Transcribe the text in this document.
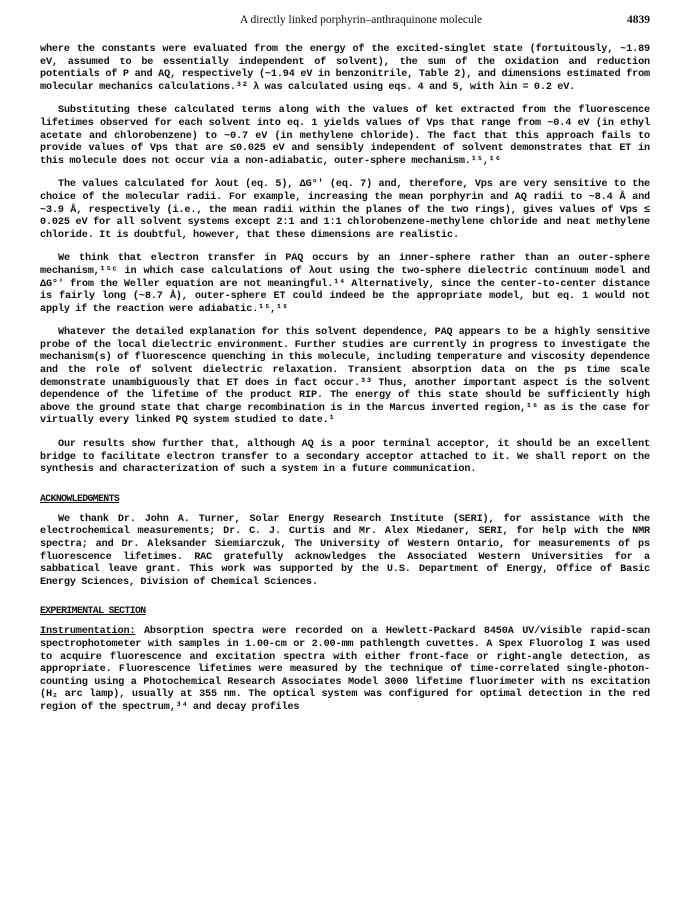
A directly linked porphyrin–anthraquinone molecule	4839

where the constants were evaluated from the energy of the excited-singlet state (fortuitously, ~1.89 eV, assumed to be essentially independent of solvent), the sum of the oxidation and reduction potentials of P and AQ, respectively (~1.94 eV in benzonitrile, Table 2), and dimensions estimated from molecular mechanics calculations.³² λ was calculated using eqs. 4 and 5, with λin = 0.2 eV.

Substituting these calculated terms along with the values of ket extracted from the fluorescence lifetimes observed for each solvent into eq. 1 yields values of Vps that range from ~0.4 eV (in ethyl acetate and chlorobenzene) to ~0.7 eV (in methylene chloride). The fact that this approach fails to provide values of Vps that are ≤0.025 eV and sensibly independent of solvent demonstrates that ET in this molecule does not occur via a non-adiabatic, outer-sphere mechanism.¹⁵,¹⁶

The values calculated for λout (eq. 5), ΔG°′ (eq. 7) and, therefore, Vps are very sensitive to the choice of the molecular radii. For example, increasing the mean porphyrin and AQ radii to ~8.4 Å and ~3.9 Å, respectively (i.e., the mean radii within the planes of the two rings), gives values of Vps ≤ 0.025 eV for all solvent systems except 2:1 and 1:1 chlorobenzene-methylene chloride and neat methylene chloride. It is doubtful, however, that these dimensions are realistic.

We think that electron transfer in PAQ occurs by an inner-sphere rather than an outer-sphere mechanism,¹⁵ᶜ in which case calculations of λout using the two-sphere dielectric continuum model and ΔG°′ from the Weller equation are not meaningful.¹⁴ Alternatively, since the center-to-center distance is fairly long (~8.7 Å), outer-sphere ET could indeed be the appropriate model, but eq. 1 would not apply if the reaction were adiabatic.¹⁵,¹⁶

Whatever the detailed explanation for this solvent dependence, PAQ appears to be a highly sensitive probe of the local dielectric environment. Further studies are currently in progress to investigate the mechanism(s) of fluorescence quenching in this molecule, including temperature and viscosity dependence and the role of solvent dielectric relaxation. Transient absorption data on the ps time scale demonstrate unambiguously that ET does in fact occur.³³ Thus, another important aspect is the solvent dependence of the lifetime of the product RIP. The energy of this state should be sufficiently high above the ground state that charge recombination is in the Marcus inverted region,¹⁶ as is the case for virtually every linked PQ system studied to date.¹

Our results show further that, although AQ is a poor terminal acceptor, it should be an excellent bridge to facilitate electron transfer to a secondary acceptor attached to it. We shall report on the synthesis and characterization of such a system in a future communication.

ACKNOWLEDGMENTS

We thank Dr. John A. Turner, Solar Energy Research Institute (SERI), for assistance with the electrochemical measurements; Dr. C. J. Curtis and Mr. Alex Miedaner, SERI, for help with the NMR spectra; and Dr. Aleksander Siemiarczuk, The University of Western Ontario, for measurements of ps fluorescence lifetimes. RAC gratefully acknowledges the Associated Western Universities for a sabbatical leave grant. This work was supported by the U.S. Department of Energy, Office of Basic Energy Sciences, Division of Chemical Sciences.

EXPERIMENTAL SECTION

Instrumentation: Absorption spectra were recorded on a Hewlett-Packard 8450A UV/visible rapid-scan spectrophotometer with samples in 1.00-cm or 2.00-mm pathlength cuvettes. A Spex Fluorolog I was used to acquire fluorescence and excitation spectra with either front-face or right-angle detection, as appropriate. Fluorescence lifetimes were measured by the technique of time-correlated single-photon-counting using a Photochemical Research Associates Model 3000 lifetime fluorimeter with ns excitation (H₂ arc lamp), usually at 355 nm. The optical system was configured for optimal detection in the red region of the spectrum,³⁴ and decay profiles
